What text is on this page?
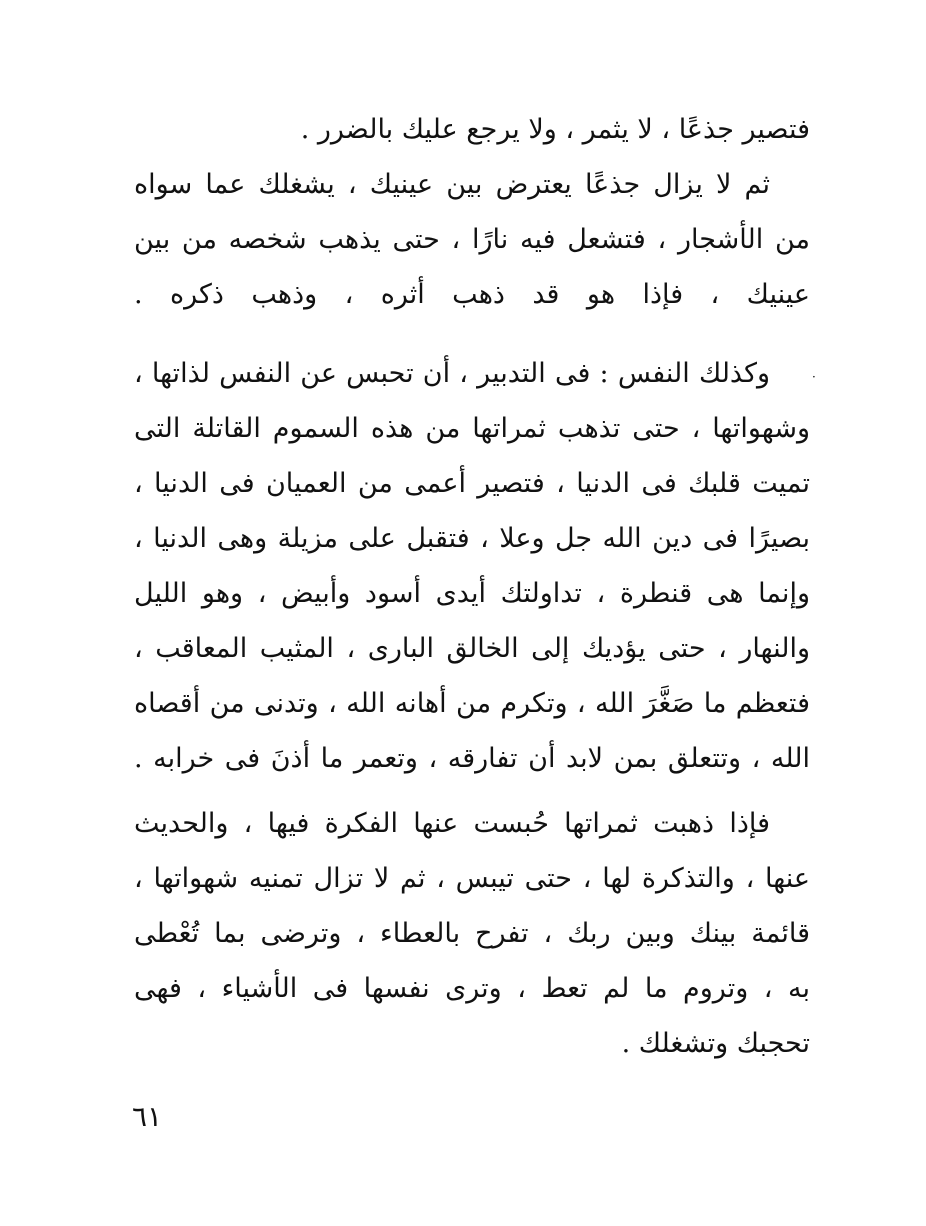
فتصير جذعًا ، لا يثمر ، ولا يرجع عليك بالضرر .
ثم لا يزال جذعًا يعترض بين عينيك ، يشغلك عما سواه
من الأشجار ، فتشعل فيه نارًا ، حتى يذهب شخصه من بين
عينيك ، فإذا هو قد ذهب أثره ، وذهب ذكره .
·
وكذلك النفس : فى التدبير ، أن تحبس عن النفس لذاتها ،
وشهواتها ، حتى تذهب ثمراتها من هذه السموم القاتلة التى
تميت قلبك فى الدنيا ، فتصير أعمى من العميان فى الدنيا ،
بصيرًا فى دين الله جل وعلا ، فتقبل على مزيلة وهى الدنيا ،
وإنما هى قنطرة ، تداولتك أيدى أسود وأبيض ، وهو الليل
والنهار ، حتى يؤديك إلى الخالق البارى ، المثيب المعاقب ،
فتعظم ما صَغَّرَ الله ، وتكرم من أهانه الله ، وتدنى من أقصاه
الله ، وتتعلق بمن لابد أن تفارقه ، وتعمر ما أذنَ فى خرابه .
فإذا ذهبت ثمراتها حُبست عنها الفكرة فيها ، والحديث
عنها ، والتذكرة لها ، حتى تيبس ، ثم لا تزال تمنيه شهواتها ،
قائمة بينك وبين ربك ، تفرح بالعطاء ، وترضى بما تُعْطى
به ، وتروم ما لم تعط ، وترى نفسها فى الأشياء ، فهى
تحجبك وتشغلك .
٦١
